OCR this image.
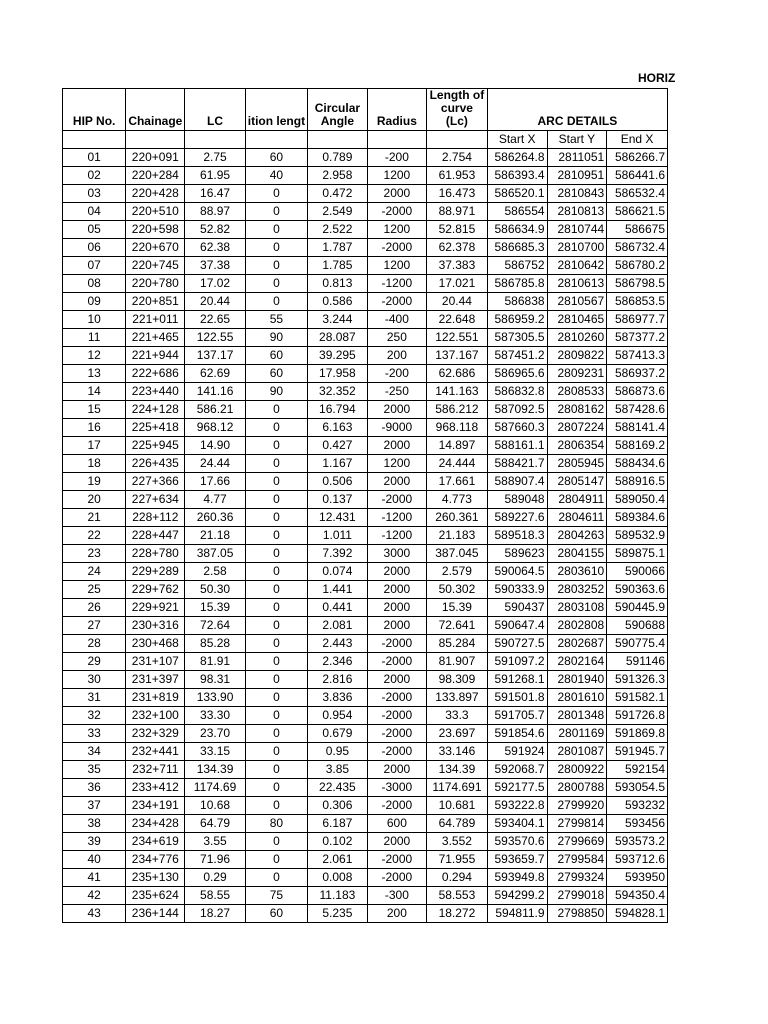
HORIZ
HIP No.	Chainage	LC	ition lengt	Circular Angle	Radius	Length of curve (Lc)	ARC DETAILS		
							Start X	Start Y	End X
01	220+091	2.75	60	0.789	-200	2.754	586264.8	2811051	586266.7
02	220+284	61.95	40	2.958	1200	61.953	586393.4	2810951	586441.6
03	220+428	16.47	0	0.472	2000	16.473	586520.1	2810843	586532.4
04	220+510	88.97	0	2.549	-2000	88.971	586554	2810813	586621.5
05	220+598	52.82	0	2.522	1200	52.815	586634.9	2810744	586675
06	220+670	62.38	0	1.787	-2000	62.378	586685.3	2810700	586732.4
07	220+745	37.38	0	1.785	1200	37.383	586752	2810642	586780.2
08	220+780	17.02	0	0.813	-1200	17.021	586785.8	2810613	586798.5
09	220+851	20.44	0	0.586	-2000	20.44	586838	2810567	586853.5
10	221+011	22.65	55	3.244	-400	22.648	586959.2	2810465	586977.7
11	221+465	122.55	90	28.087	250	122.551	587305.5	2810260	587377.2
12	221+944	137.17	60	39.295	200	137.167	587451.2	2809822	587413.3
13	222+686	62.69	60	17.958	-200	62.686	586965.6	2809231	586937.2
14	223+440	141.16	90	32.352	-250	141.163	586832.8	2808533	586873.6
15	224+128	586.21	0	16.794	2000	586.212	587092.5	2808162	587428.6
16	225+418	968.12	0	6.163	-9000	968.118	587660.3	2807224	588141.4
17	225+945	14.90	0	0.427	2000	14.897	588161.1	2806354	588169.2
18	226+435	24.44	0	1.167	1200	24.444	588421.7	2805945	588434.6
19	227+366	17.66	0	0.506	2000	17.661	588907.4	2805147	588916.5
20	227+634	4.77	0	0.137	-2000	4.773	589048	2804911	589050.4
21	228+112	260.36	0	12.431	-1200	260.361	589227.6	2804611	589384.6
22	228+447	21.18	0	1.011	-1200	21.183	589518.3	2804263	589532.9
23	228+780	387.05	0	7.392	3000	387.045	589623	2804155	589875.1
24	229+289	2.58	0	0.074	2000	2.579	590064.5	2803610	590066
25	229+762	50.30	0	1.441	2000	50.302	590333.9	2803252	590363.6
26	229+921	15.39	0	0.441	2000	15.39	590437	2803108	590445.9
27	230+316	72.64	0	2.081	2000	72.641	590647.4	2802808	590688
28	230+468	85.28	0	2.443	-2000	85.284	590727.5	2802687	590775.4
29	231+107	81.91	0	2.346	-2000	81.907	591097.2	2802164	591146
30	231+397	98.31	0	2.816	2000	98.309	591268.1	2801940	591326.3
31	231+819	133.90	0	3.836	-2000	133.897	591501.8	2801610	591582.1
32	232+100	33.30	0	0.954	-2000	33.3	591705.7	2801348	591726.8
33	232+329	23.70	0	0.679	-2000	23.697	591854.6	2801169	591869.8
34	232+441	33.15	0	0.95	-2000	33.146	591924	2801087	591945.7
35	232+711	134.39	0	3.85	2000	134.39	592068.7	2800922	592154
36	233+412	1174.69	0	22.435	-3000	1174.691	592177.5	2800788	593054.5
37	234+191	10.68	0	0.306	-2000	10.681	593222.8	2799920	593232
38	234+428	64.79	80	6.187	600	64.789	593404.1	2799814	593456
39	234+619	3.55	0	0.102	2000	3.552	593570.6	2799669	593573.2
40	234+776	71.96	0	2.061	-2000	71.955	593659.7	2799584	593712.6
41	235+130	0.29	0	0.008	-2000	0.294	593949.8	2799324	593950
42	235+624	58.55	75	11.183	-300	58.553	594299.2	2799018	594350.4
43	236+144	18.27	60	5.235	200	18.272	594811.9	2798850	594828.1
